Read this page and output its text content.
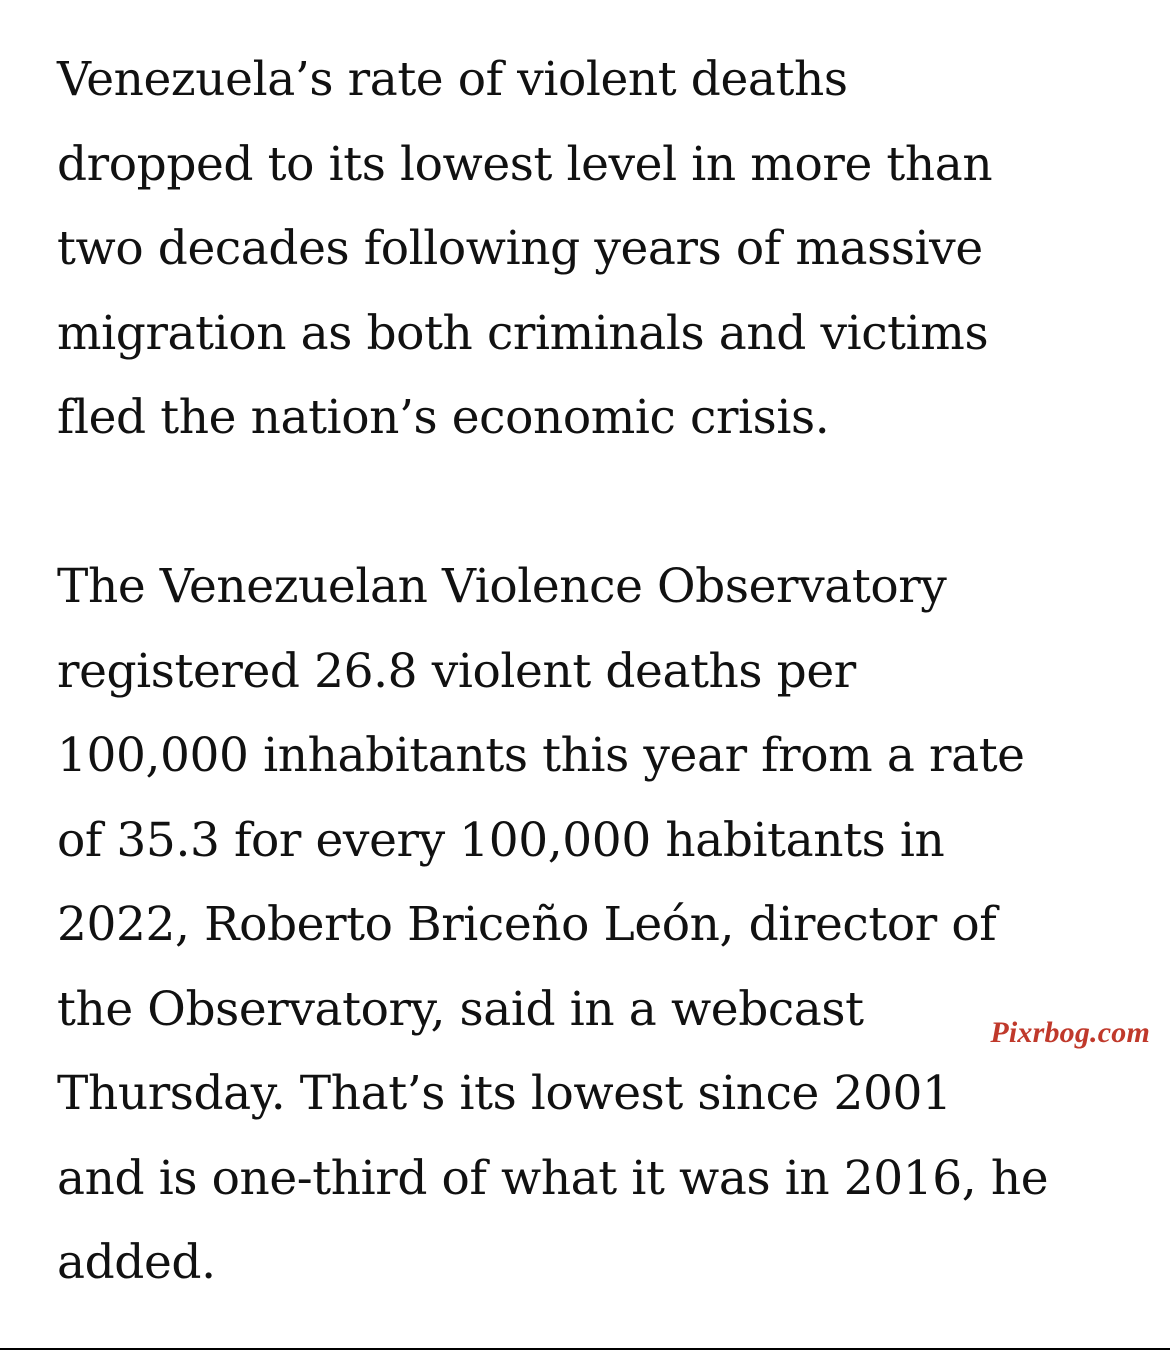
Venezuela’s rate of violent deaths
dropped to its lowest level in more than
two decades following years of massive
migration as both criminals and victims
fled the nation’s economic crisis.
The Venezuelan Violence Observatory
registered 26.8 violent deaths per
100,000 inhabitants this year from a rate
of 35.3 for every 100,000 habitants in
2022, Roberto Briceño León, director of
the Observatory, said in a webcast
Thursday. That’s its lowest since 2001
and is one-third of what it was in 2016, he
added.
Pixrbog.com
